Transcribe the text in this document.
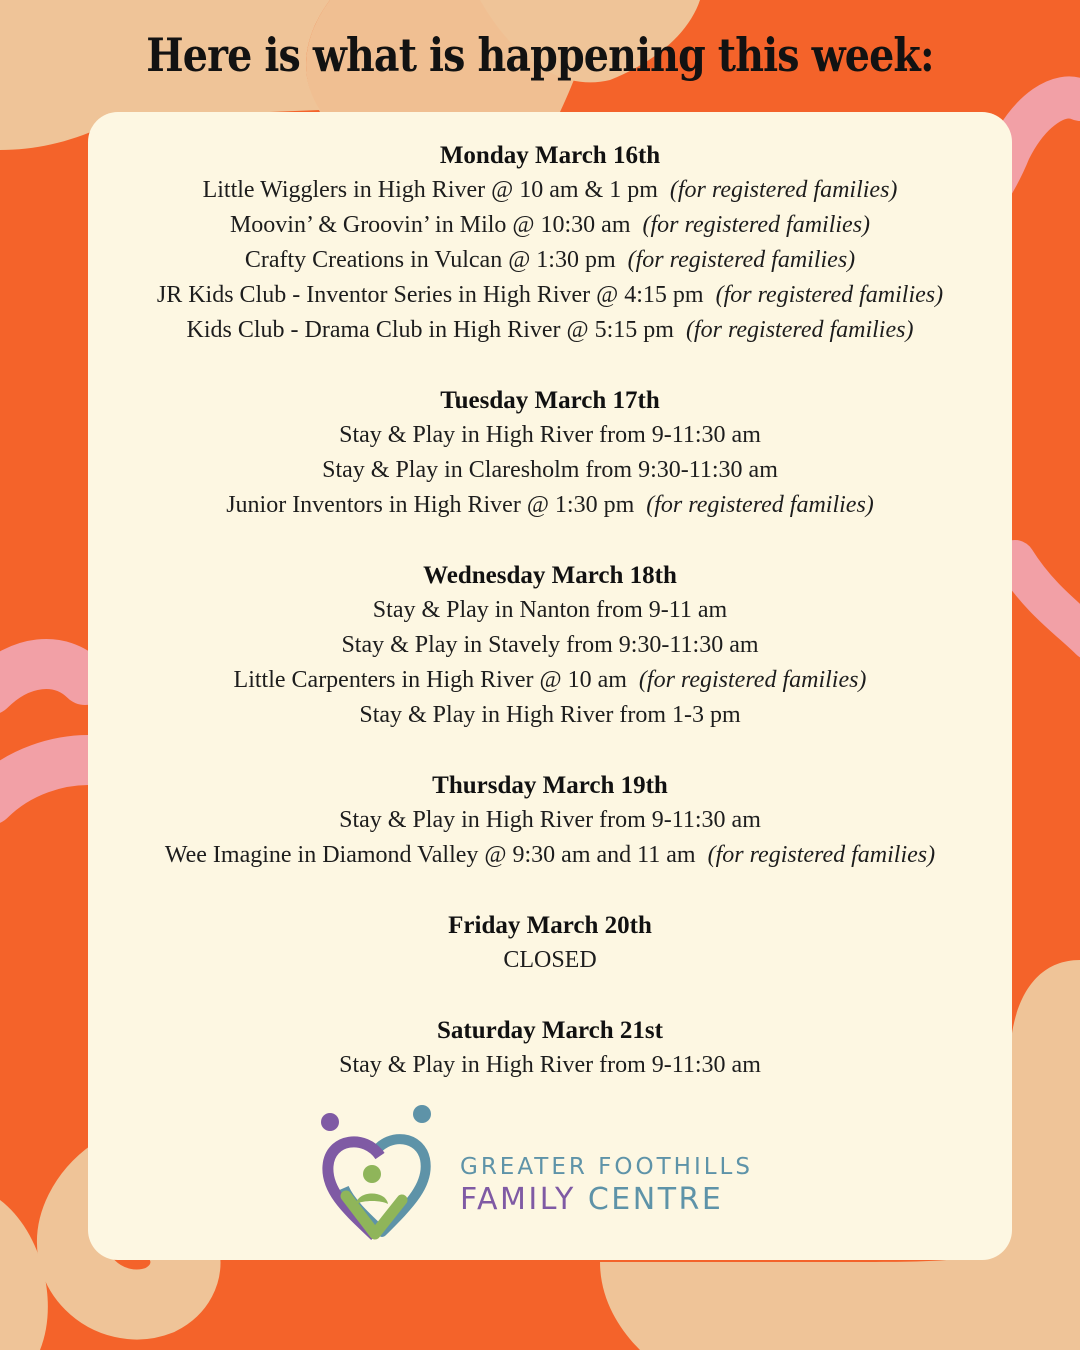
Here is what is happening this week:
Monday March 16th
Little Wigglers in High River @ 10 am & 1 pm (for registered families)
Moovin’ & Groovin’ in Milo @ 10:30 am (for registered families)
Crafty Creations in Vulcan @ 1:30 pm (for registered families)
JR Kids Club - Inventor Series in High River @ 4:15 pm (for registered families)
Kids Club - Drama Club in High River @ 5:15 pm (for registered families)
Tuesday March 17th
Stay & Play in High River from 9-11:30 am
Stay & Play in Claresholm from 9:30-11:30 am
Junior Inventors in High River @ 1:30 pm (for registered families)
Wednesday March 18th
Stay & Play in Nanton from 9-11 am
Stay & Play in Stavely from 9:30-11:30 am
Little Carpenters in High River @ 10 am (for registered families)
Stay & Play in High River from 1-3 pm
Thursday March 19th
Stay & Play in High River from 9-11:30 am
Wee Imagine in Diamond Valley @ 9:30 am and 11 am (for registered families)
Friday March 20th
CLOSED
Saturday March 21st
Stay & Play in High River from 9-11:30 am
GREATER FOOTHILLS
FAMILY CENTRE
